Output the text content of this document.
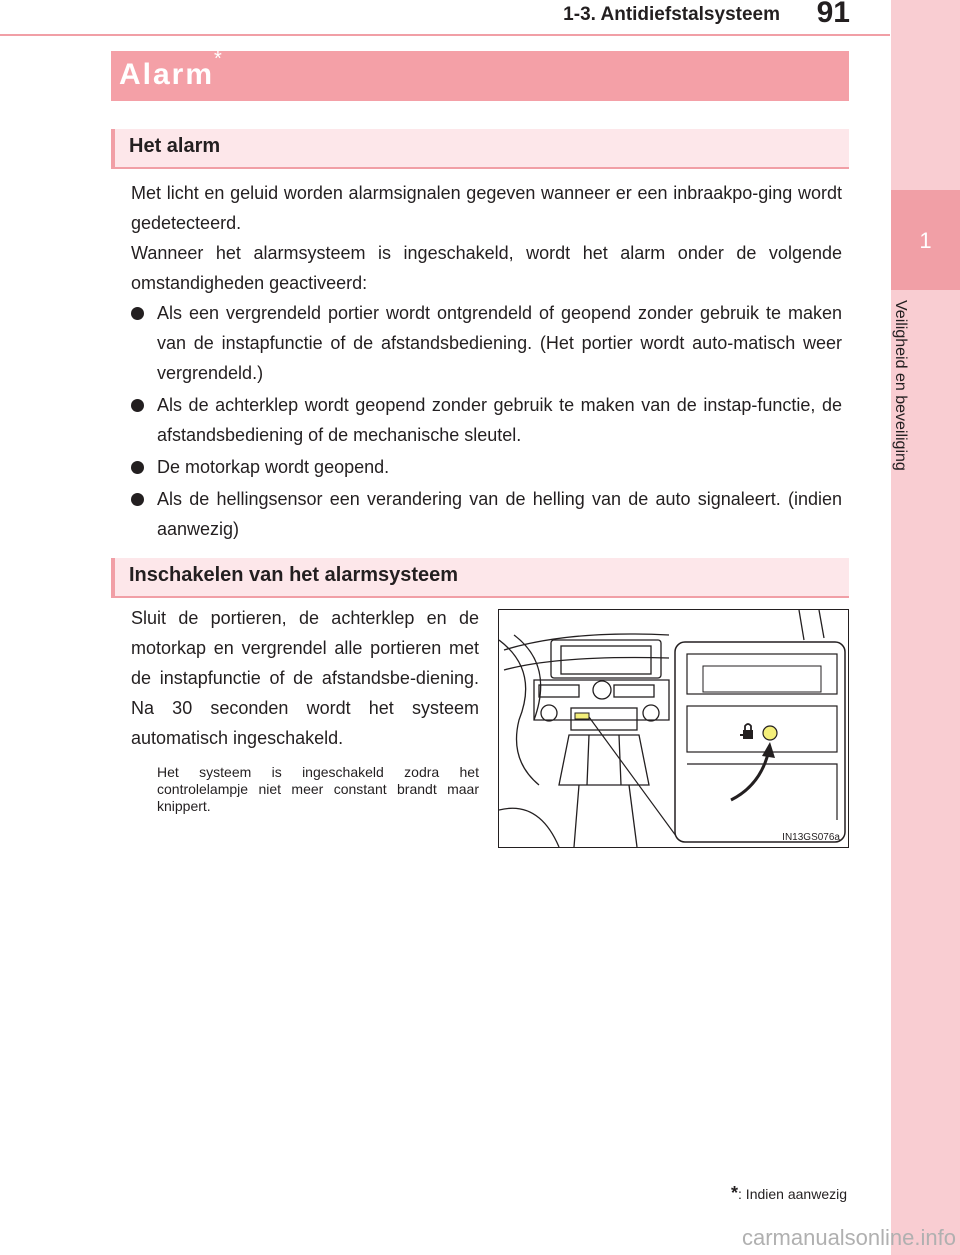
1-3. Antidiefstalsysteem 91
1
Veiligheid en beveiliging
Alarm *
Het alarm

Met licht en geluid worden alarmsignalen gegeven wanneer er een inbraakpo-ging wordt gedetecteerd.

Wanneer het alarmsysteem is ingeschakeld, wordt het alarm onder de volgende omstandigheden geactiveerd:

Als een vergrendeld portier wordt ontgrendeld of geopend zonder gebruik te maken van de instapfunctie of de afstandsbediening. (Het portier wordt auto-matisch weer vergrendeld.)
Als de achterklep wordt geopend zonder gebruik te maken van de instap-functie, de afstandsbediening of de mechanische sleutel.
De motorkap wordt geopend.
Als de hellingsensor een verandering van de helling van de auto signaleert. (indien aanwezig)
Inschakelen van het alarmsysteem

Sluit de portieren, de achterklep en de motorkap en vergrendel alle portieren met de instapfunctie of de afstandsbe-diening. Na 30 seconden wordt het systeem automatisch ingeschakeld.

Het systeem is ingeschakeld zodra het controlelampje niet meer constant brandt maar knippert.

IN13GS076a
*: Indien aanwezig
carmanualsonline.info
